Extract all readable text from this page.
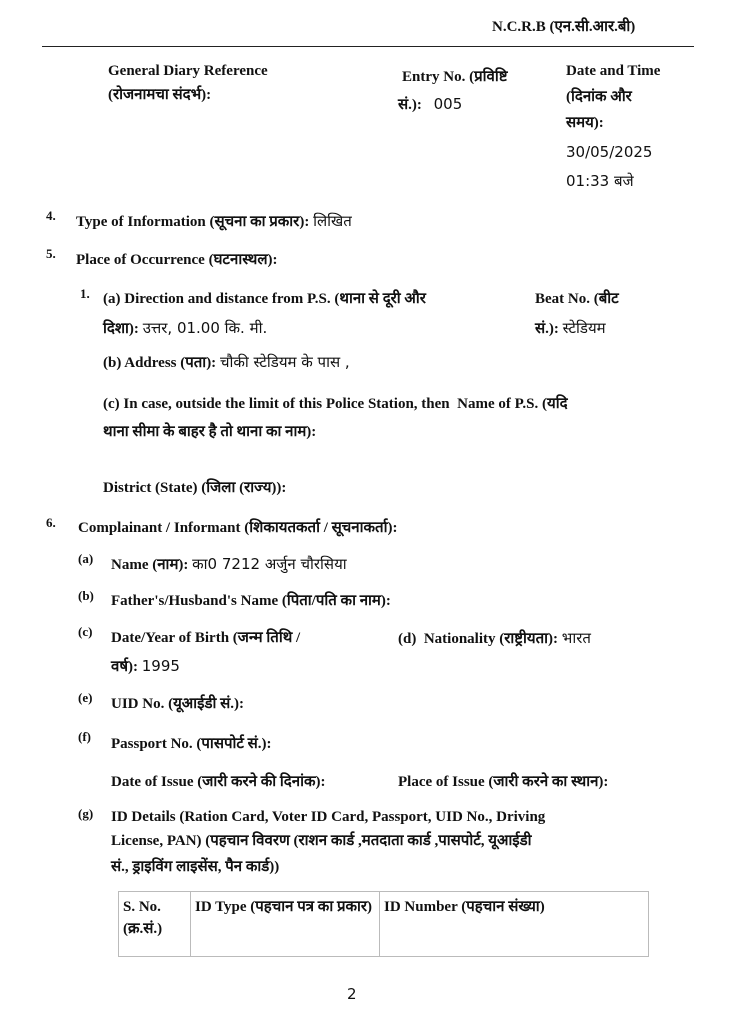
N.C.R.B (एन.सी.आर.बी)
General Diary Reference
(रोजनामचा संदर्भ):
Entry No. (प्रविष्टि
सं.): 005
Date and Time
(दिनांक और
समय):
30/05/2025
01:33 बजे
4. Type of Information (सूचना का प्रकार): लिखित
5. Place of Occurrence (घटनास्थल):
1. (a) Direction and distance from P.S. (थाना से दूरी और
दिशा): उत्तर, 01.00 कि. मी.
Beat No. (बीट
सं.): स्टेडियम
(b) Address (पता): चौकी स्टेडियम के पास ,
(c) In case, outside the limit of this Police Station, then  Name of P.S. (यदि
थाना सीमा के बाहर है तो थाना का नाम):
District (State) (जिला (राज्य)):
6. Complainant / Informant (शिकायतकर्ता / सूचनाकर्ता):
(a) Name (नाम): का0 7212 अर्जुन चौरसिया
(b) Father's/Husband's Name (पिता/पति का नाम):
(c) Date/Year of Birth (जन्म तिथि /
वर्ष): 1995
(d)  Nationality (राष्ट्रीयता): भारत
(e) UID No. (यूआईडी सं.):
(f) Passport No. (पासपोर्ट सं.):
Date of Issue (जारी करने की दिनांक):	Place of Issue (जारी करने का स्थान):
(g) ID Details (Ration Card, Voter ID Card, Passport, UID No., Driving
License, PAN) (पहचान विवरण (राशन कार्ड ,मतदाता कार्ड ,पासपोर्ट, यूआईडी
सं., ड्राइविंग लाइसेंस, पैन कार्ड))
S. No. (क्र.सं.)	ID Type (पहचान पत्र का प्रकार)	ID Number (पहचान संख्या)
2
